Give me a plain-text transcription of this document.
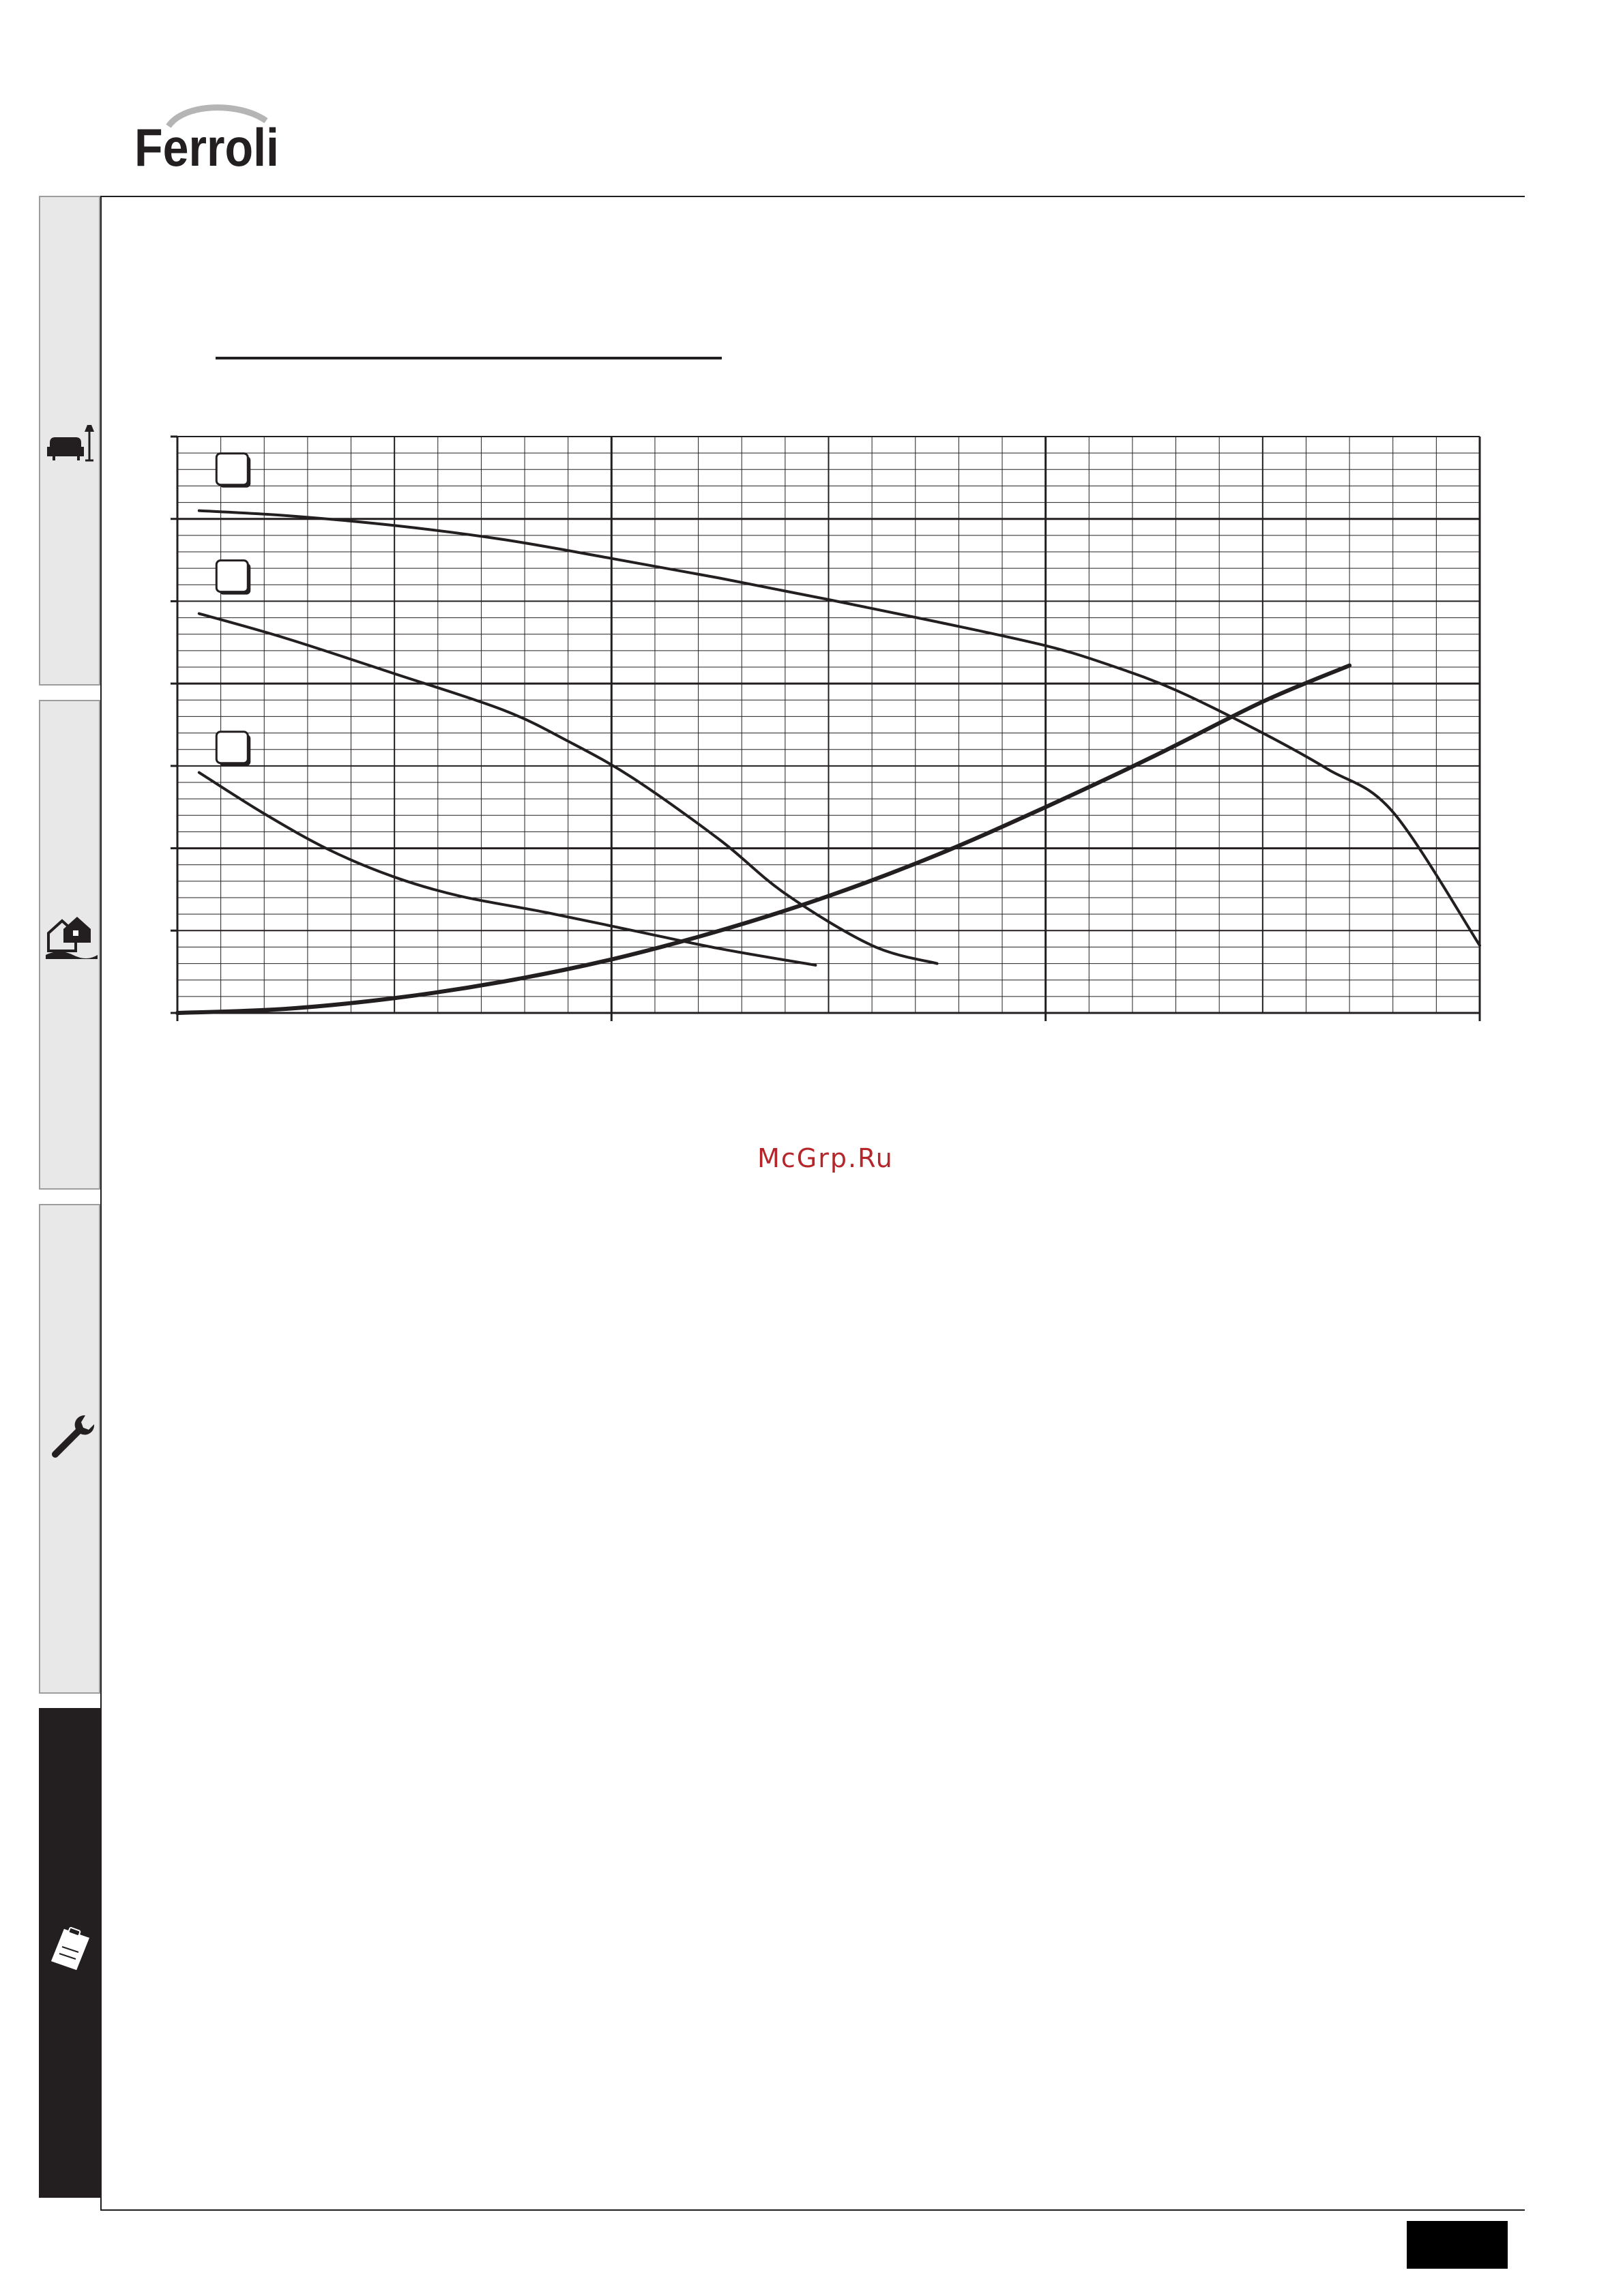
Ferroli
McGrp.Ru
